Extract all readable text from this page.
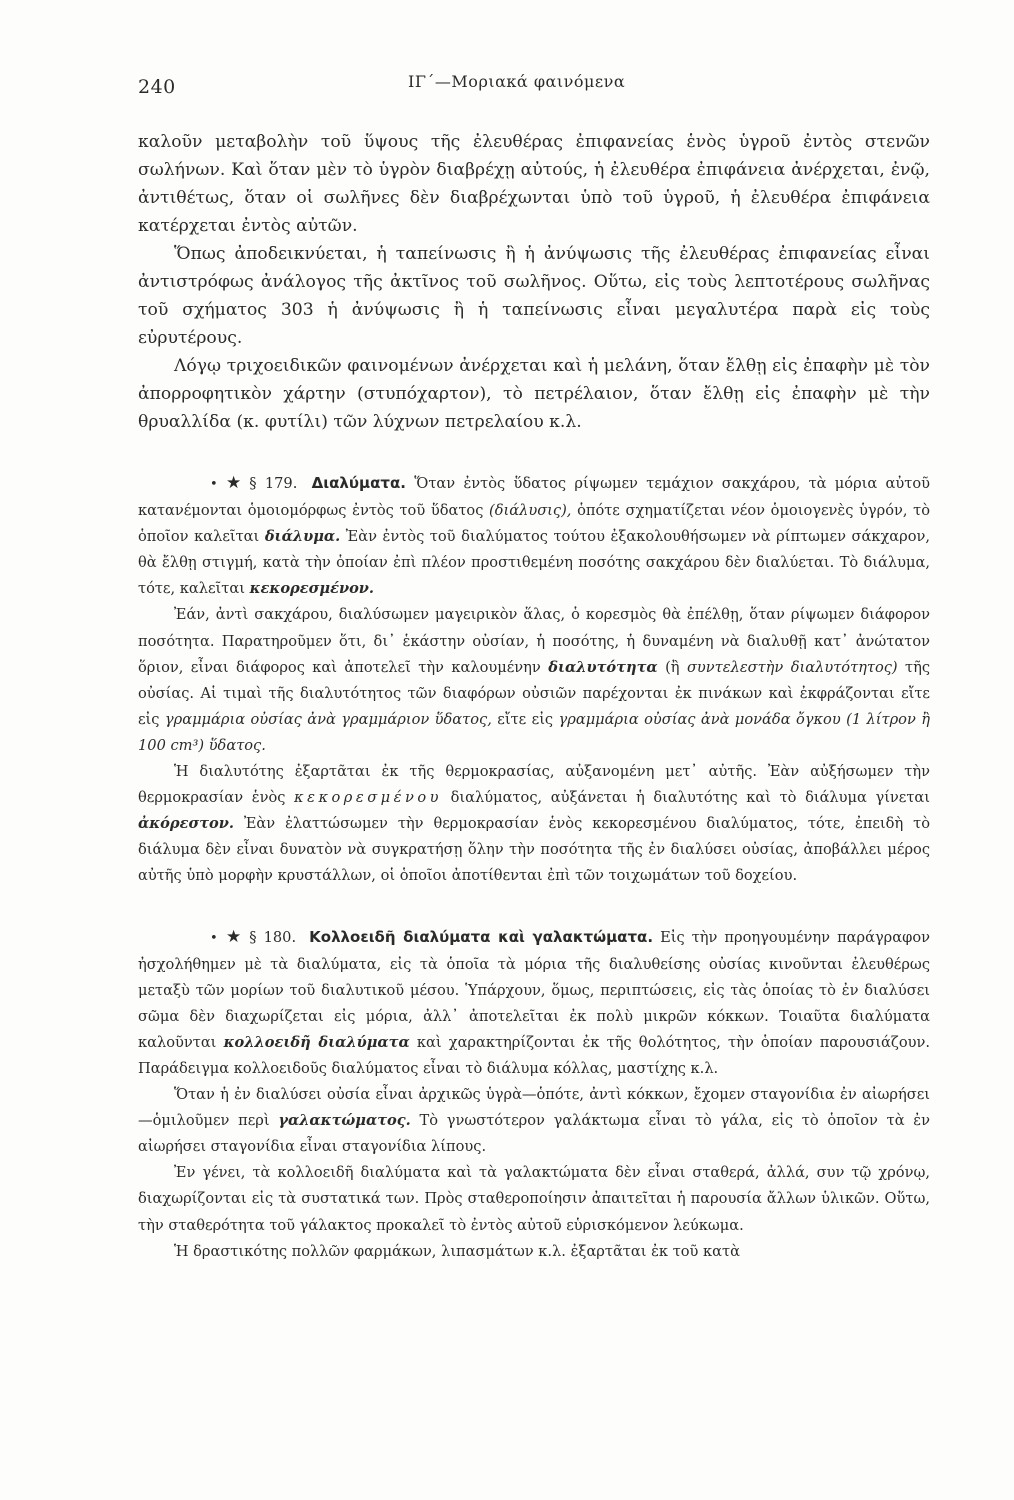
240	ΙΓ΄—Μοριακά φαινόμενα

καλοῦν μεταβολὴν τοῦ ὕψους τῆς ἐλευθέρας ἐπιφανείας ἑνὸς ὑγροῦ ἐντὸς στενῶν σωλήνων. Καὶ ὅταν μὲν τὸ ὑγρὸν διαβρέχῃ αὐτούς, ἡ ἐλευθέρα ἐπιφάνεια ἀνέρχεται, ἐνῷ, ἀντιθέτως, ὅταν οἱ σωλῆνες δὲν διαβρέχωνται ὑπὸ τοῦ ὑγροῦ, ἡ ἐλευθέρα ἐπιφάνεια κατέρχεται ἐντὸς αὐτῶν.

Ὅπως ἀποδεικνύεται, ἡ ταπείνωσις ἢ ἡ ἀνύψωσις τῆς ἐλευθέρας ἐπιφανείας εἶναι ἀντιστρόφως ἀνάλογος τῆς ἀκτῖνος τοῦ σωλῆνος. Οὕτω, εἰς τοὺς λεπτοτέρους σωλῆνας τοῦ σχήματος 303 ἡ ἀνύψωσις ἢ ἡ ταπείνωσις εἶναι μεγαλυτέρα παρὰ εἰς τοὺς εὐρυτέρους.

Λόγῳ τριχοειδικῶν φαινομένων ἀνέρχεται καὶ ἡ μελάνη, ὅταν ἔλθῃ εἰς ἐπαφὴν μὲ τὸν ἀπορροφητικὸν χάρτην (στυπόχαρτον), τὸ πετρέλαιον, ὅταν ἔλθῃ εἰς ἐπαφὴν μὲ τὴν θρυαλλίδα (κ. φυτίλι) τῶν λύχνων πετρελαίου κ.λ.

• ★ § 179. Διαλύματα. Ὅταν ἐντὸς ὕδατος ρίψωμεν τεμάχιον σακχάρου, τὰ μόρια αὐτοῦ κατανέμονται ὁμοιομόρφως ἐντὸς τοῦ ὕδατος (διάλυσις), ὁπότε σχηματίζεται νέον ὁμοιογενὲς ὑγρόν, τὸ ὁποῖον καλεῖται διάλυμα. Ἐὰν ἐντὸς τοῦ διαλύματος τούτου ἐξακολουθήσωμεν νὰ ρίπτωμεν σάκχαρον, θὰ ἔλθῃ στιγμή, κατὰ τὴν ὁποίαν ἐπὶ πλέον προστιθεμένη ποσότης σακχάρου δὲν διαλύεται. Τὸ διάλυμα, τότε, καλεῖται κεκορεσμένον.

Ἐάν, ἀντὶ σακχάρου, διαλύσωμεν μαγειρικὸν ἅλας, ὁ κορεσμὸς θὰ ἐπέλθῃ, ὅταν ρίψωμεν διάφορον ποσότητα. Παρατηροῦμεν ὅτι, δι᾽ ἑκάστην οὐσίαν, ἡ ποσότης, ἡ δυναμένη νὰ διαλυθῇ κατ᾽ ἀνώτατον ὅριον, εἶναι διάφορος καὶ ἀποτελεῖ τὴν καλουμένην διαλυτότητα (ἢ συντελεστὴν διαλυτότητος) τῆς οὐσίας. Αἱ τιμαὶ τῆς διαλυτότητος τῶν διαφόρων οὐσιῶν παρέχονται ἐκ πινάκων καὶ ἐκφράζονται εἴτε εἰς γραμμάρια οὐσίας ἀνὰ γραμμάριον ὕδατος, εἴτε εἰς γραμμάρια οὐσίας ἀνὰ μονάδα ὄγκου (1 λίτρον ἢ 100 cm³) ὕδατος.

Ἡ διαλυτότης ἐξαρτᾶται ἐκ τῆς θερμοκρασίας, αὐξανομένη μετ᾽ αὐτῆς. Ἐὰν αὐξήσωμεν τὴν θερμοκρασίαν ἑνὸς κεκορεσμένου διαλύματος, αὐξάνεται ἡ διαλυτότης καὶ τὸ διάλυμα γίνεται ἀκόρεστον. Ἐὰν ἐλαττώσωμεν τὴν θερμοκρασίαν ἑνὸς κεκορεσμένου διαλύματος, τότε, ἐπειδὴ τὸ διάλυμα δὲν εἶναι δυνατὸν νὰ συγκρατήσῃ ὅλην τὴν ποσότητα τῆς ἐν διαλύσει οὐσίας, ἀποβάλλει μέρος αὐτῆς ὑπὸ μορφὴν κρυστάλλων, οἱ ὁποῖοι ἀποτίθενται ἐπὶ τῶν τοιχωμάτων τοῦ δοχείου.

• ★ § 180. Κολλοειδῆ διαλύματα καὶ γαλακτώματα. Εἰς τὴν προηγουμένην παράγραφον ἠσχολήθημεν μὲ τὰ διαλύματα, εἰς τὰ ὁποῖα τὰ μόρια τῆς διαλυθείσης οὐσίας κινοῦνται ἐλευθέρως μεταξὺ τῶν μορίων τοῦ διαλυτικοῦ μέσου. Ὑπάρχουν, ὅμως, περιπτώσεις, εἰς τὰς ὁποίας τὸ ἐν διαλύσει σῶμα δὲν διαχωρίζεται εἰς μόρια, ἀλλ᾽ ἀποτελεῖται ἐκ πολὺ μικρῶν κόκκων. Τοιαῦτα διαλύματα καλοῦνται κολλοειδῆ διαλύματα καὶ χαρακτηρίζονται ἐκ τῆς θολότητος, τὴν ὁποίαν παρουσιάζουν. Παράδειγμα κολλοειδοῦς διαλύματος εἶναι τὸ διάλυμα κόλλας, μαστίχης κ.λ.

Ὅταν ἡ ἐν διαλύσει οὐσία εἶναι ἀρχικῶς ὑγρὰ—ὁπότε, ἀντὶ κόκκων, ἔχομεν σταγονίδια ἐν αἰωρήσει—ὁμιλοῦμεν περὶ γαλακτώματος. Τὸ γνωστότερον γαλάκτωμα εἶναι τὸ γάλα, εἰς τὸ ὁποῖον τὰ ἐν αἰωρήσει σταγονίδια εἶναι σταγονίδια λίπους.

Ἐν γένει, τὰ κολλοειδῆ διαλύματα καὶ τὰ γαλακτώματα δὲν εἶναι σταθερά, ἀλλά, συν τῷ χρόνῳ, διαχωρίζονται εἰς τὰ συστατικά των. Πρὸς σταθεροποίησιν ἀπαιτεῖται ἡ παρουσία ἄλλων ὑλικῶν. Οὕτω, τὴν σταθερότητα τοῦ γάλακτος προκαλεῖ τὸ ἐντὸς αὐτοῦ εὑρισκόμενον λεύκωμα.

Ἡ δραστικότης πολλῶν φαρμάκων, λιπασμάτων κ.λ. ἐξαρτᾶται ἐκ τοῦ κατὰ
